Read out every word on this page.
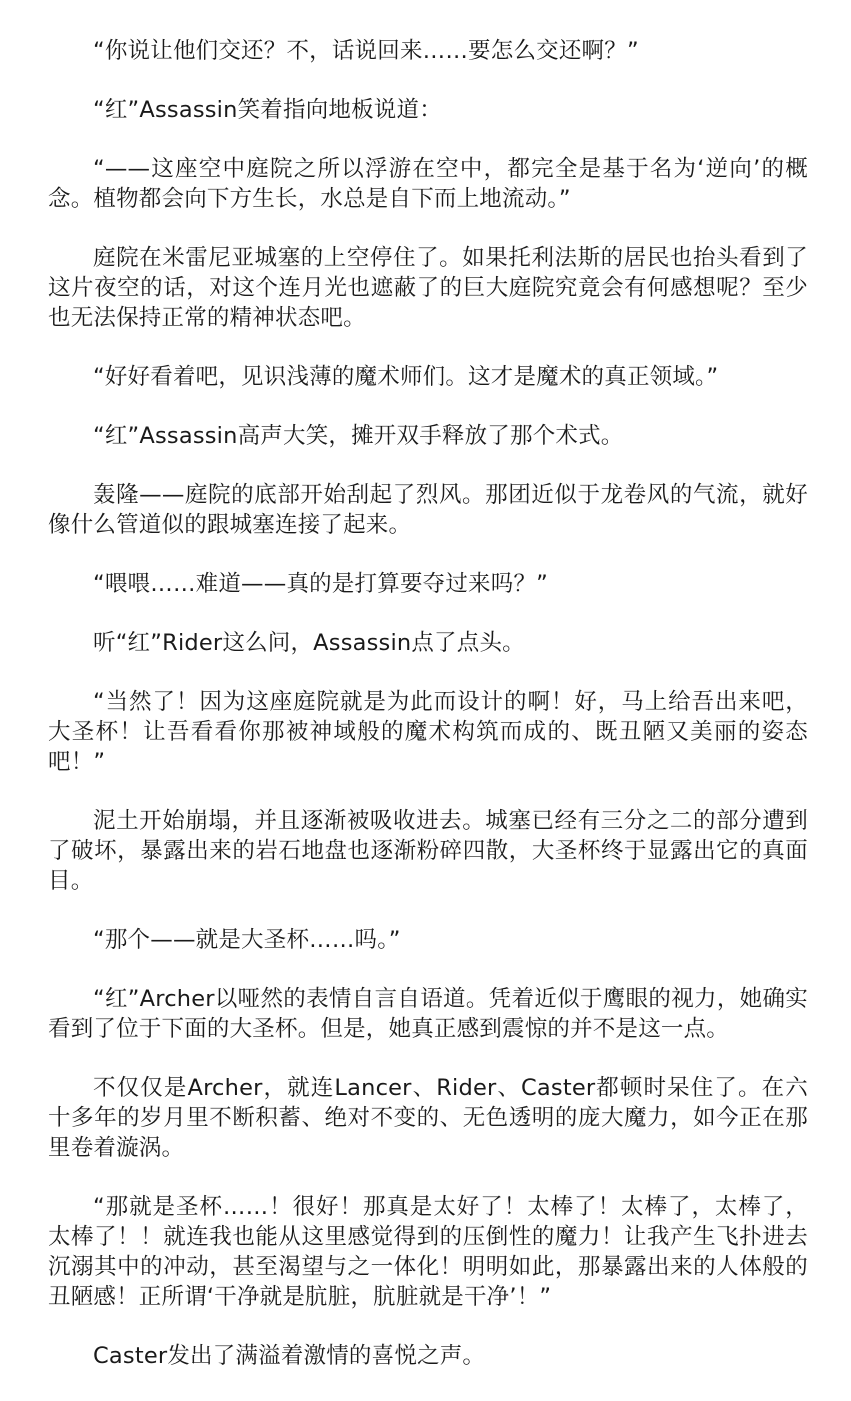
“你说让他们交还？不，话说回来……要怎么交还啊？”

“红”Assassin笑着指向地板说道：

“——这座空中庭院之所以浮游在空中，都完全是基于名为‘逆向’的概念。植物都会向下方生长，水总是自下而上地流动。”

庭院在米雷尼亚城塞的上空停住了。如果托利法斯的居民也抬头看到了这片夜空的话，对这个连月光也遮蔽了的巨大庭院究竟会有何感想呢？至少也无法保持正常的精神状态吧。

“好好看着吧，见识浅薄的魔术师们。这才是魔术的真正领域。”

“红”Assassin高声大笑，摊开双手释放了那个术式。

轰隆——庭院的底部开始刮起了烈风。那团近似于龙卷风的气流，就好像什么管道似的跟城塞连接了起来。

“喂喂……难道——真的是打算要夺过来吗？”

听“红”Rider这么问，Assassin点了点头。

“当然了！因为这座庭院就是为此而设计的啊！好，马上给吾出来吧，大圣杯！让吾看看你那被神域般的魔术构筑而成的、既丑陋又美丽的姿态吧！”

泥土开始崩塌，并且逐渐被吸收进去。城塞已经有三分之二的部分遭到了破坏，暴露出来的岩石地盘也逐渐粉碎四散，大圣杯终于显露出它的真面目。

“那个——就是大圣杯……吗。”

“红”Archer以哑然的表情自言自语道。凭着近似于鹰眼的视力，她确实看到了位于下面的大圣杯。但是，她真正感到震惊的并不是这一点。

不仅仅是Archer，就连Lancer、Rider、Caster都顿时呆住了。在六十多年的岁月里不断积蓄、绝对不变的、无色透明的庞大魔力，如今正在那里卷着漩涡。

“那就是圣杯……！很好！那真是太好了！太棒了！太棒了，太棒了，太棒了！！就连我也能从这里感觉得到的压倒性的魔力！让我产生飞扑进去沉溺其中的冲动，甚至渴望与之一体化！明明如此，那暴露出来的人体般的丑陋感！正所谓‘干净就是肮脏，肮脏就是干净’！”

Caster发出了满溢着激情的喜悦之声。
